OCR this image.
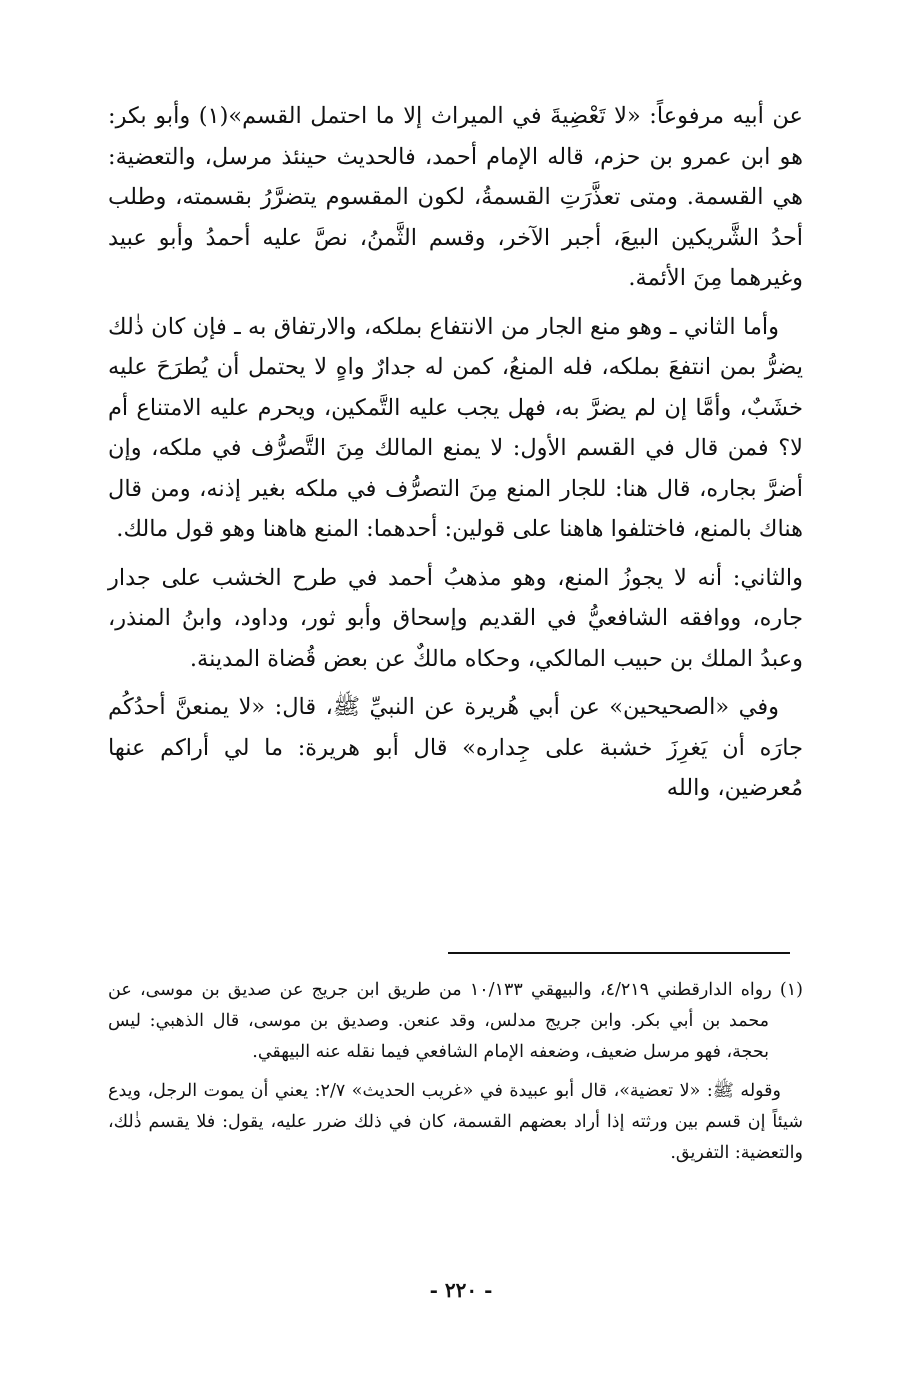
عن أبيه مرفوعاً: «لا تَعْضِيةَ في الميراث إلا ما احتمل القسم»(١) وأبو بكر: هو ابن عمرو بن حزم، قاله الإمام أحمد، فالحديث حينئذ مرسل، والتعضية: هي القسمة. ومتى تعذَّرَتِ القسمةُ، لكون المقسوم يتضرَّرُ بقسمته، وطلب أحدُ الشَّريكين البيعَ، أجبر الآخر، وقسم الثَّمنُ، نصَّ عليه أحمدُ وأبو عبيد وغيرهما مِنَ الأئمة.

وأما الثاني ـ وهو منع الجار من الانتفاع بملكه، والارتفاق به ـ فإن كان ذٰلك يضرُّ بمن انتفعَ بملكه، فله المنعُ، كمن له جدارٌ واهٍ لا يحتمل أن يُطرَحَ عليه خشَبٌ، وأمَّا إن لم يضرَّ به، فهل يجب عليه التَّمكين، ويحرم عليه الامتناع أم لا؟ فمن قال في القسم الأول: لا يمنع المالك مِنَ التَّصرُّف في ملكه، وإن أضرَّ بجاره، قال هنا: للجار المنع مِنَ التصرُّف في ملكه بغير إذنه، ومن قال هناك بالمنع، فاختلفوا هاهنا على قولين: أحدهما: المنع هاهنا وهو قول مالك.

والثاني: أنه لا يجوزُ المنع، وهو مذهبُ أحمد في طرح الخشب على جدار جاره، ووافقه الشافعيُّ في القديم وإسحاق وأبو ثور، وداود، وابنُ المنذر، وعبدُ الملك بن حبيب المالكي، وحكاه مالكٌ عن بعض قُضاة المدينة.

وفي «الصحيحين» عن أبي هُريرة عن النبيِّ ﷺ، قال: «لا يمنعنَّ أحدُكُم جارَه أن يَغرِزَ خشبة على جِداره» قال أبو هريرة: ما لي أراكم عنها مُعرضين، والله

(١) رواه الدارقطني ٤/٢١٩، والبيهقي ١٠/١٣٣ من طريق ابن جريج عن صديق بن موسى، عن محمد بن أبي بكر. وابن جريج مدلس، وقد عنعن. وصديق بن موسى، قال الذهبي: ليس بحجة، فهو مرسل ضعيف، وضعفه الإمام الشافعي فيما نقله عنه البيهقي.

وقوله ﷺ: «لا تعضية»، قال أبو عبيدة في «غريب الحديث» ٢/٧: يعني أن يموت الرجل، ويدع شيئاً إن قسم بين ورثته إذا أراد بعضهم القسمة، كان في ذلك ضرر عليه، يقول: فلا يقسم ذٰلك، والتعضية: التفريق.

- ٢٢٠ -
